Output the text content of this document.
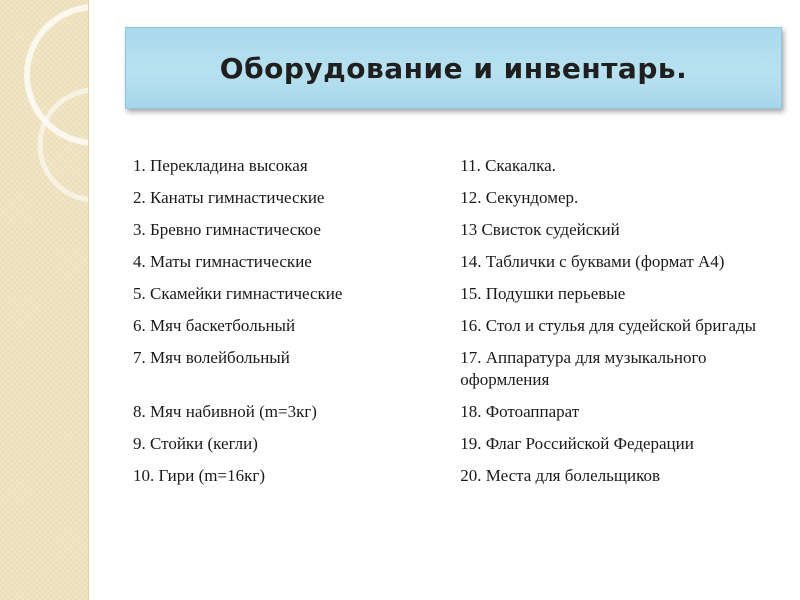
Оборудование и инвентарь.
1. Перекладина высокая	11. Скакалка.
2. Канаты гимнастические	12. Секундомер.
3. Бревно гимнастическое	13 Свисток судейский
4. Маты гимнастические	14. Таблички с буквами (формат А4)
5. Скамейки гимнастические	15. Подушки перьевые
6. Мяч баскетбольный	16. Стол и стулья для судейской бригады
7. Мяч волейбольный	17. Аппаратура для музыкального оформления
8. Мяч набивной (m=3кг)	18. Фотоаппарат
9. Стойки (кегли)	19. Флаг Российской Федерации
10. Гири (m=16кг)	20. Места для болельщиков
